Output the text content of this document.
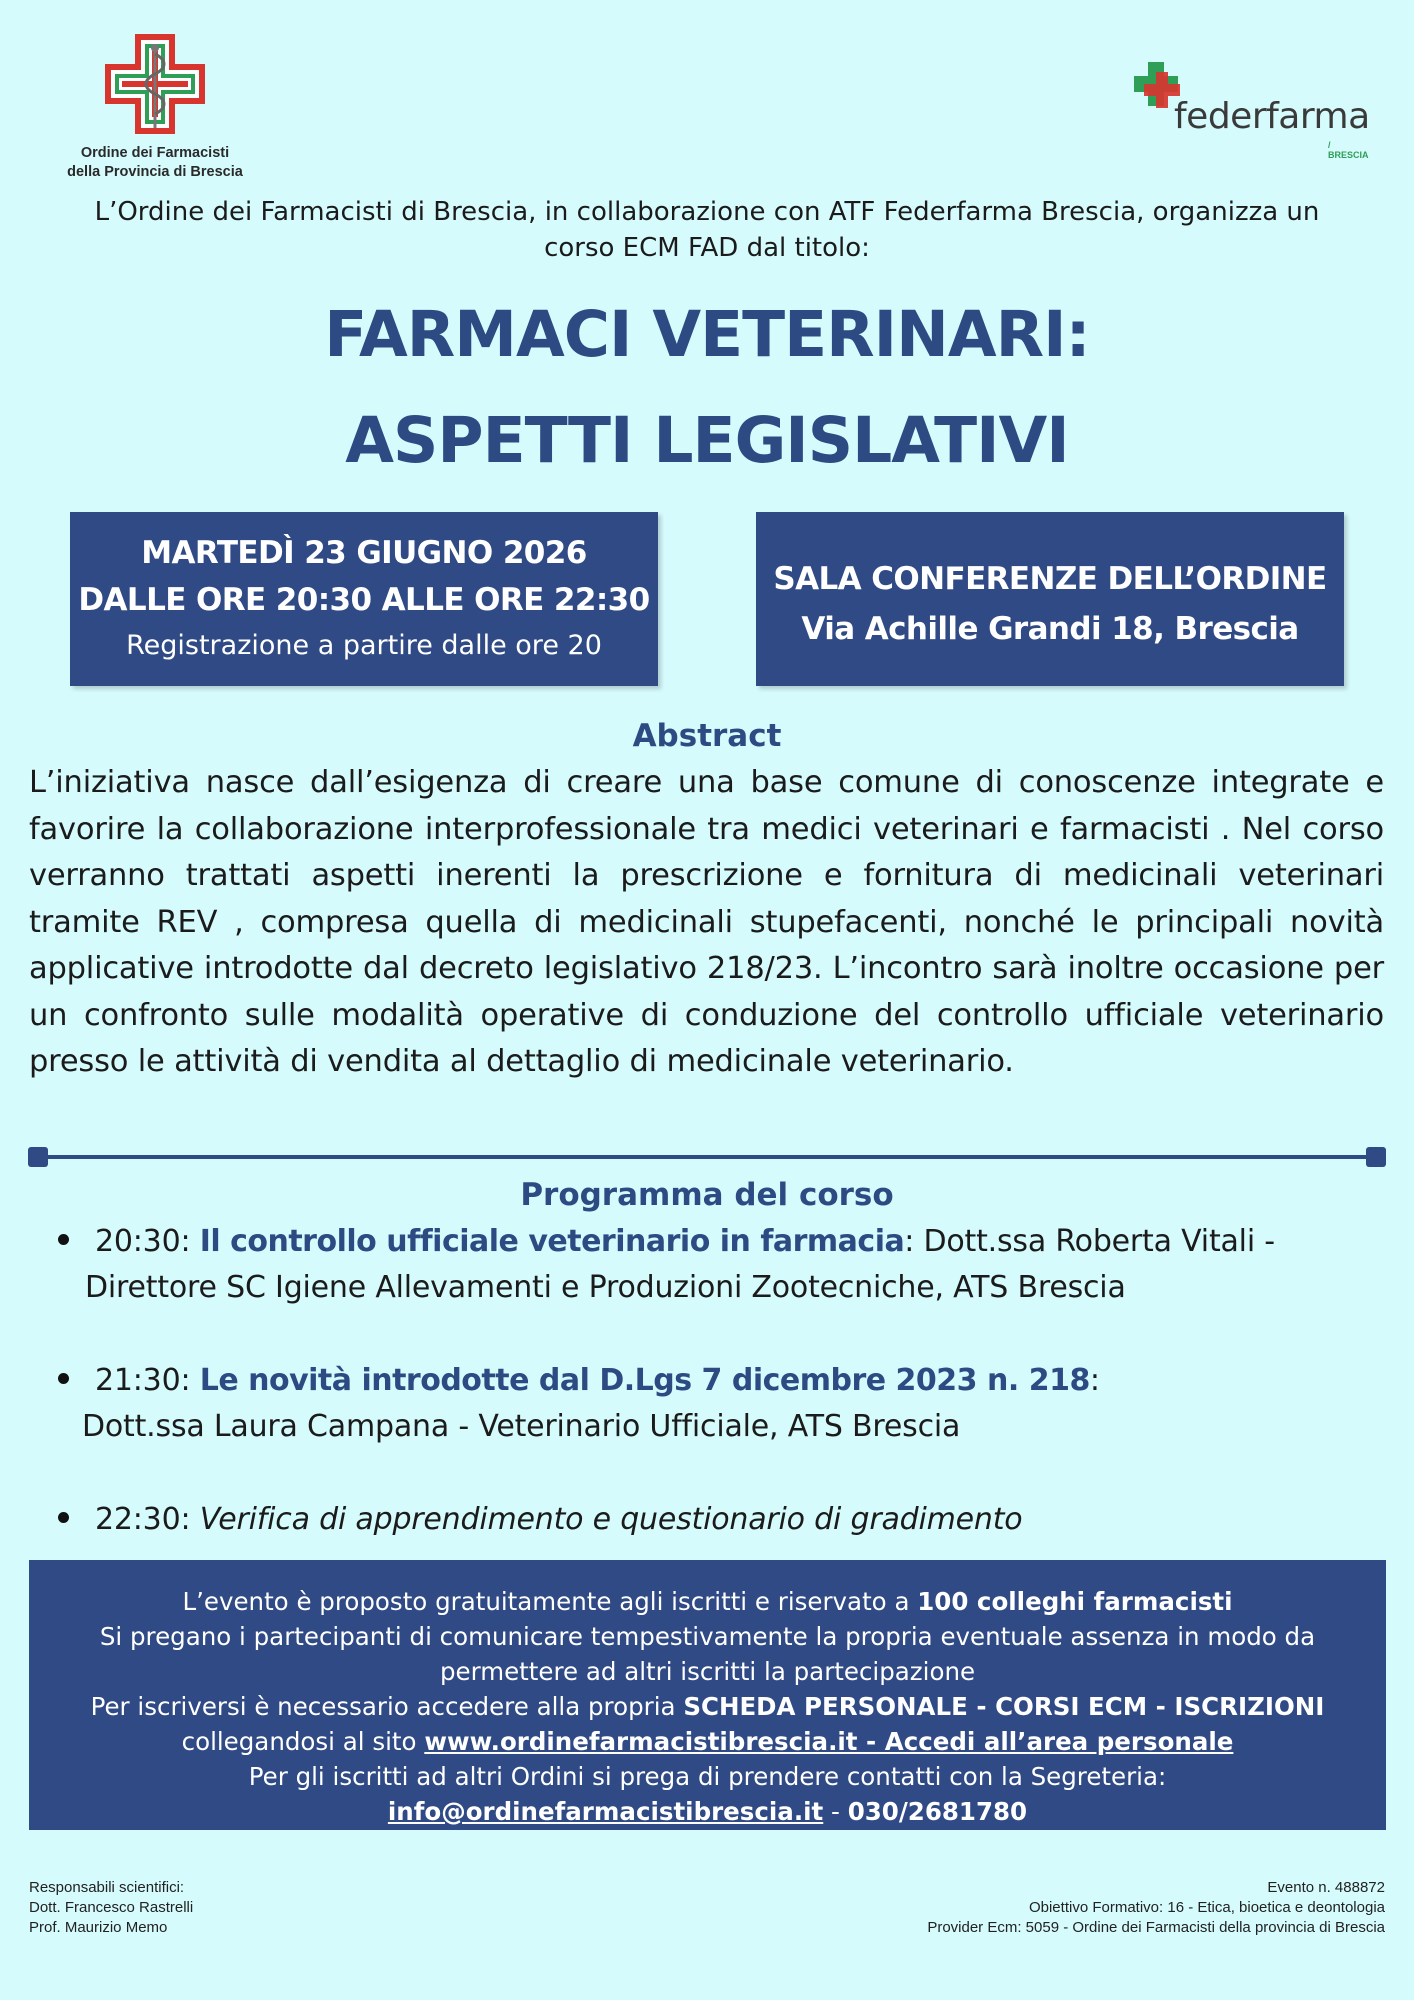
Ordine dei Farmacisti
della Provincia di Brescia
federfarma
/ BRESCIA
L’Ordine dei Farmacisti di Brescia, in collaborazione con ATF Federfarma Brescia, organizza un
corso ECM FAD dal titolo:
FARMACI VETERINARI:
ASPETTI LEGISLATIVI
MARTEDÌ 23 GIUGNO 2026
DALLE ORE 20:30 ALLE ORE 22:30
Registrazione a partire dalle ore 20
SALA CONFERENZE DELL’ORDINE
Via Achille Grandi 18, Brescia
Abstract

L’iniziativa nasce dall’esigenza di creare una base comune di conoscenze integrate e favorire la collaborazione interprofessionale tra medici veterinari e farmacisti . Nel corso verranno trattati aspetti inerenti la prescrizione e fornitura di medicinali veterinari tramite REV , compresa quella di medicinali stupefacenti, nonché le principali novità applicative introdotte dal decreto legislativo 218/23. L’incontro sarà inoltre occasione per un confronto sulle modalità operative di conduzione del controllo ufficiale veterinario presso le attività di vendita al dettaglio di medicinale veterinario.

Programma del corso
20:30: Il controllo ufficiale veterinario in farmacia: Dott.ssa Roberta Vitali -
Direttore SC Igiene Allevamenti e Produzioni Zootecniche, ATS Brescia
21:30: Le novità introdotte dal D.Lgs 7 dicembre 2023 n. 218:
Dott.ssa Laura Campana - Veterinario Ufficiale, ATS Brescia
22:30: Verifica di apprendimento e questionario di gradimento
L’evento è proposto gratuitamente agli iscritti e riservato a 100 colleghi farmacisti
Si pregano i partecipanti di comunicare tempestivamente la propria eventuale assenza in modo da
permettere ad altri iscritti la partecipazione
Per iscriversi è necessario accedere alla propria SCHEDA PERSONALE - CORSI ECM - ISCRIZIONI
collegandosi al sito www.ordinefarmacistibrescia.it - Accedi all’area personale
Per gli iscritti ad altri Ordini si prega di prendere contatti con la Segreteria:
info@ordinefarmacistibrescia.it - 030/2681780
Responsabili scientifici:
Dott. Francesco Rastrelli
Prof. Maurizio Memo
Evento n. 488872
Obiettivo Formativo: 16 - Etica, bioetica e deontologia
Provider Ecm: 5059 - Ordine dei Farmacisti della provincia di Brescia
